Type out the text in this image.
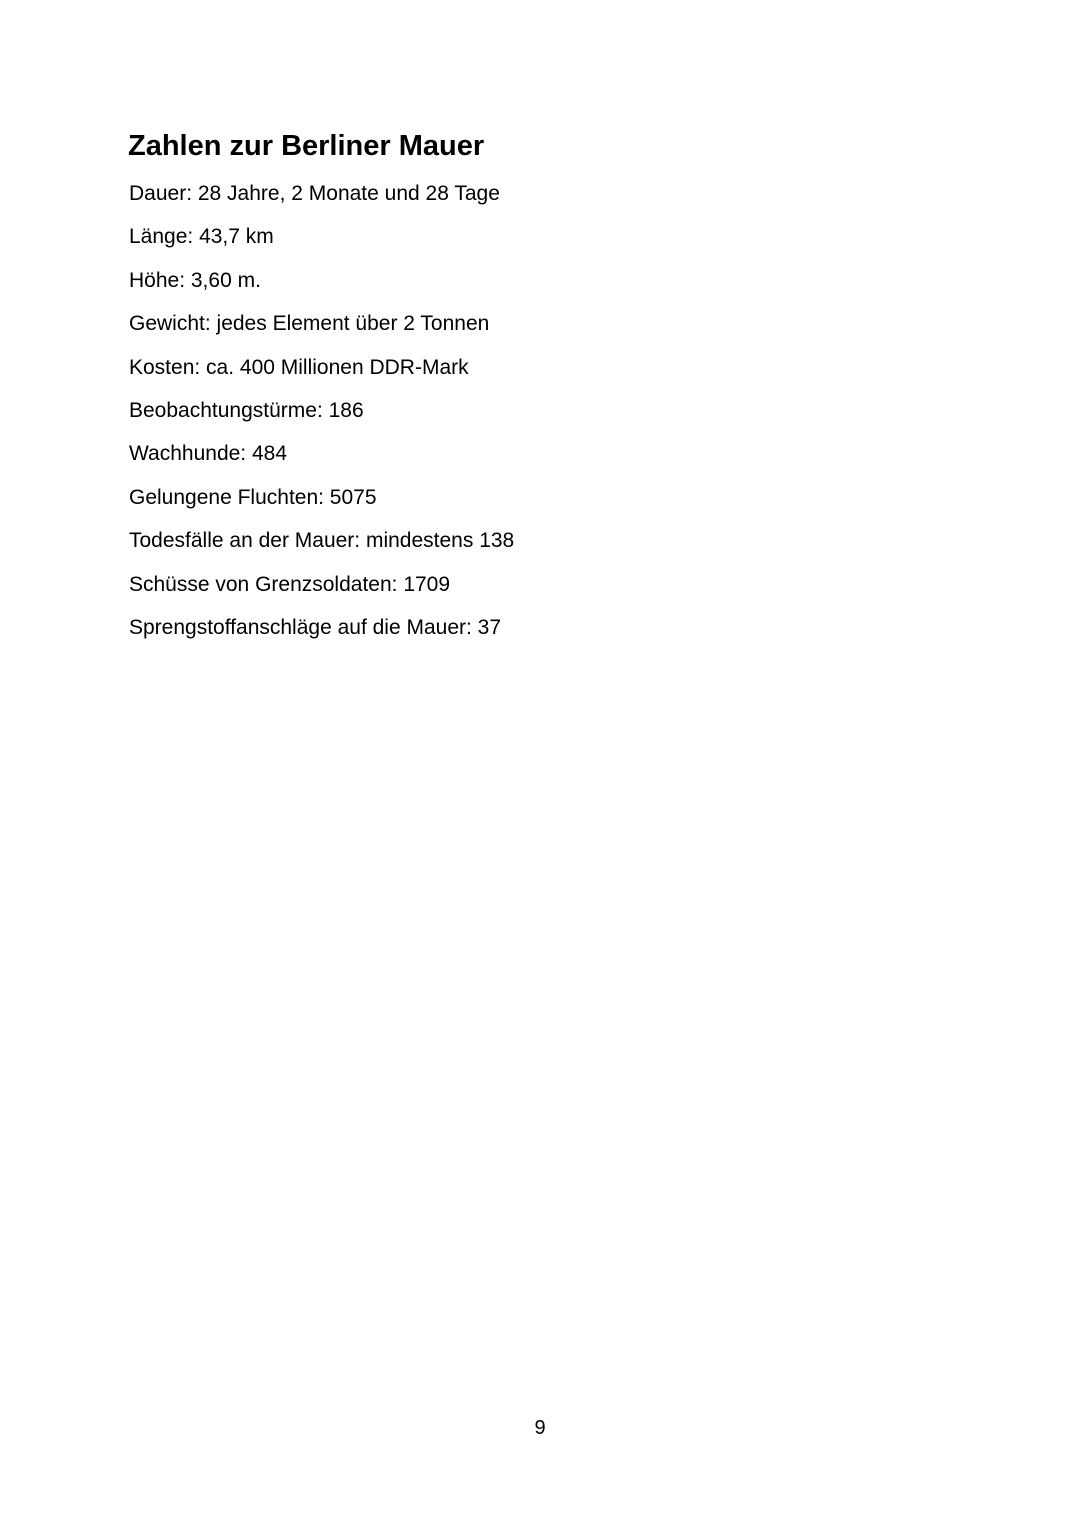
Zahlen zur Berliner Mauer
Dauer: 28 Jahre, 2 Monate und 28 Tage
Länge: 43,7 km
Höhe: 3,60 m.
Gewicht: jedes Element über 2 Tonnen
Kosten: ca. 400 Millionen DDR-Mark
Beobachtungstürme: 186
Wachhunde: 484
Gelungene Fluchten: 5075
Todesfälle an der Mauer: mindestens 138
Schüsse von Grenzsoldaten: 1709
Sprengstoffanschläge auf die Mauer: 37
9
